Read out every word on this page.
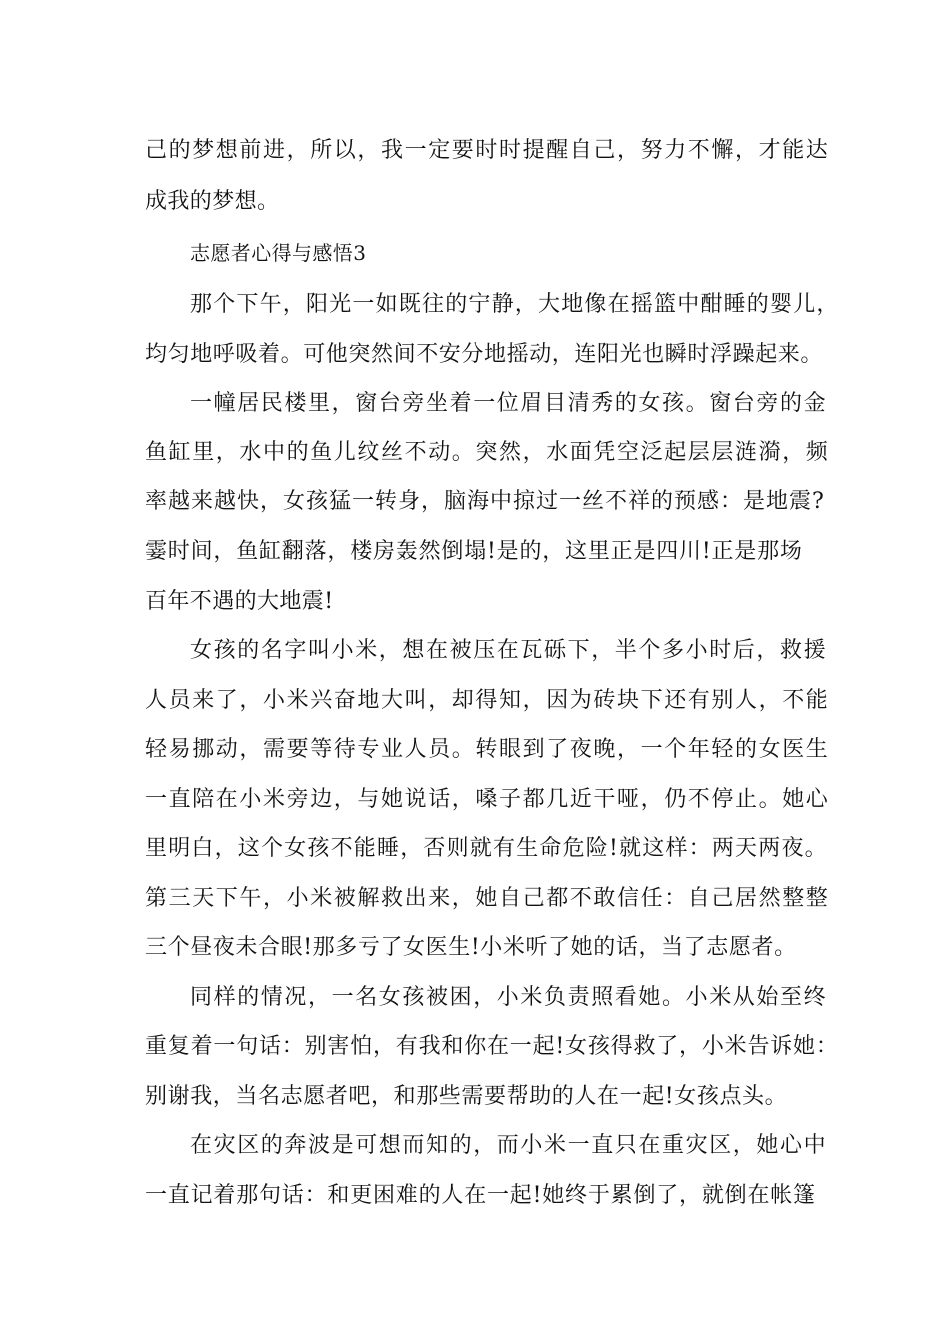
己的梦想前进，所以，我一定要时时提醒自己，努力不懈，才能达
成我的梦想。
志愿者心得与感悟3
那个下午，阳光一如既往的宁静，大地像在摇篮中酣睡的婴儿，
均匀地呼吸着。可他突然间不安分地摇动，连阳光也瞬时浮躁起来。
一幢居民楼里，窗台旁坐着一位眉目清秀的女孩。窗台旁的金
鱼缸里，水中的鱼儿纹丝不动。突然，水面凭空泛起层层涟漪，频
率越来越快，女孩猛一转身，脑海中掠过一丝不祥的预感：是地震?
霎时间，鱼缸翻落，楼房轰然倒塌!是的，这里正是四川!正是那场
百年不遇的大地震!
女孩的名字叫小米，想在被压在瓦砾下，半个多小时后，救援
人员来了，小米兴奋地大叫，却得知，因为砖块下还有别人，不能
轻易挪动，需要等待专业人员。转眼到了夜晚，一个年轻的女医生
一直陪在小米旁边，与她说话，嗓子都几近干哑，仍不停止。她心
里明白，这个女孩不能睡，否则就有生命危险!就这样：两天两夜。
第三天下午，小米被解救出来，她自己都不敢信任：自己居然整整
三个昼夜未合眼!那多亏了女医生!小米听了她的话，当了志愿者。
同样的情况，一名女孩被困，小米负责照看她。小米从始至终
重复着一句话：别害怕，有我和你在一起!女孩得救了，小米告诉她：
别谢我，当名志愿者吧，和那些需要帮助的人在一起!女孩点头。
在灾区的奔波是可想而知的，而小米一直只在重灾区，她心中
一直记着那句话：和更困难的人在一起!她终于累倒了，就倒在帐篷
